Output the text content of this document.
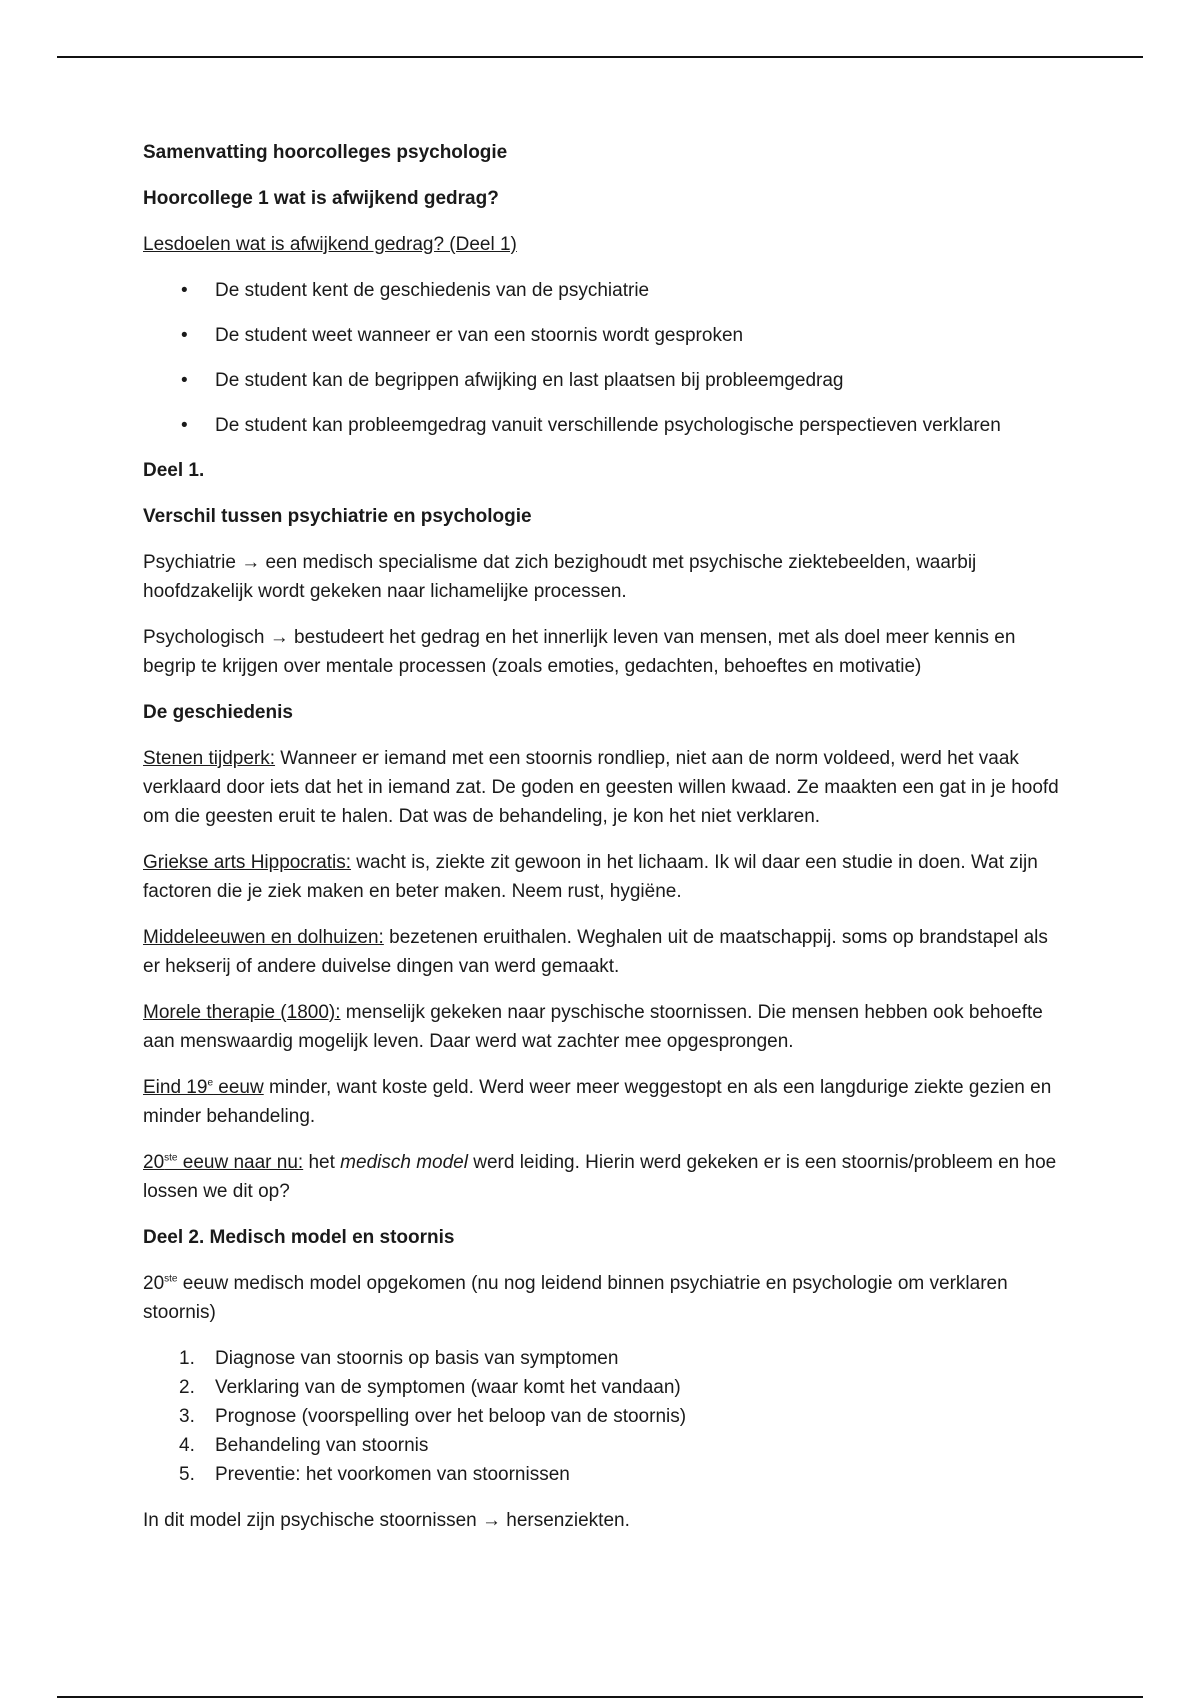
Samenvatting hoorcolleges psychologie

Hoorcollege 1 wat is afwijkend gedrag?

Lesdoelen wat is afwijkend gedrag? (Deel 1)

• De student kent de geschiedenis van de psychiatrie
• De student weet wanneer er van een stoornis wordt gesproken
• De student kan de begrippen afwijking en last plaatsen bij probleemgedrag
• De student kan probleemgedrag vanuit verschillende psychologische perspectieven verklaren

Deel 1.

Verschil tussen psychiatrie en psychologie

Psychiatrie → een medisch specialisme dat zich bezighoudt met psychische ziektebeelden, waarbij hoofdzakelijk wordt gekeken naar lichamelijke processen.

Psychologisch → bestudeert het gedrag en het innerlijk leven van mensen, met als doel meer kennis en begrip te krijgen over mentale processen (zoals emoties, gedachten, behoeftes en motivatie)

De geschiedenis

Stenen tijdperk: Wanneer er iemand met een stoornis rondliep, niet aan de norm voldeed, werd het vaak verklaard door iets dat het in iemand zat. De goden en geesten willen kwaad. Ze maakten een gat in je hoofd om die geesten eruit te halen. Dat was de behandeling, je kon het niet verklaren.

Griekse arts Hippocratis: wacht is, ziekte zit gewoon in het lichaam. Ik wil daar een studie in doen. Wat zijn factoren die je ziek maken en beter maken. Neem rust, hygiëne.

Middeleeuwen en dolhuizen: bezetenen eruithalen. Weghalen uit de maatschappij. soms op brandstapel als er hekserij of andere duivelse dingen van werd gemaakt.

Morele therapie (1800): menselijk gekeken naar pyschische stoornissen. Die mensen hebben ook behoefte aan menswaardig mogelijk leven. Daar werd wat zachter mee opgesprongen.

Eind 19e eeuw minder, want koste geld. Werd weer meer weggestopt en als een langdurige ziekte gezien en minder behandeling.

20ste eeuw naar nu: het medisch model werd leiding. Hierin werd gekeken er is een stoornis/probleem en hoe lossen we dit op?

Deel 2. Medisch model en stoornis

20ste eeuw medisch model opgekomen (nu nog leidend binnen psychiatrie en psychologie om verklaren stoornis)

1. Diagnose van stoornis op basis van symptomen
2. Verklaring van de symptomen (waar komt het vandaan)
3. Prognose (voorspelling over het beloop van de stoornis)
4. Behandeling van stoornis
5. Preventie: het voorkomen van stoornissen

In dit model zijn psychische stoornissen → hersenziekten.
